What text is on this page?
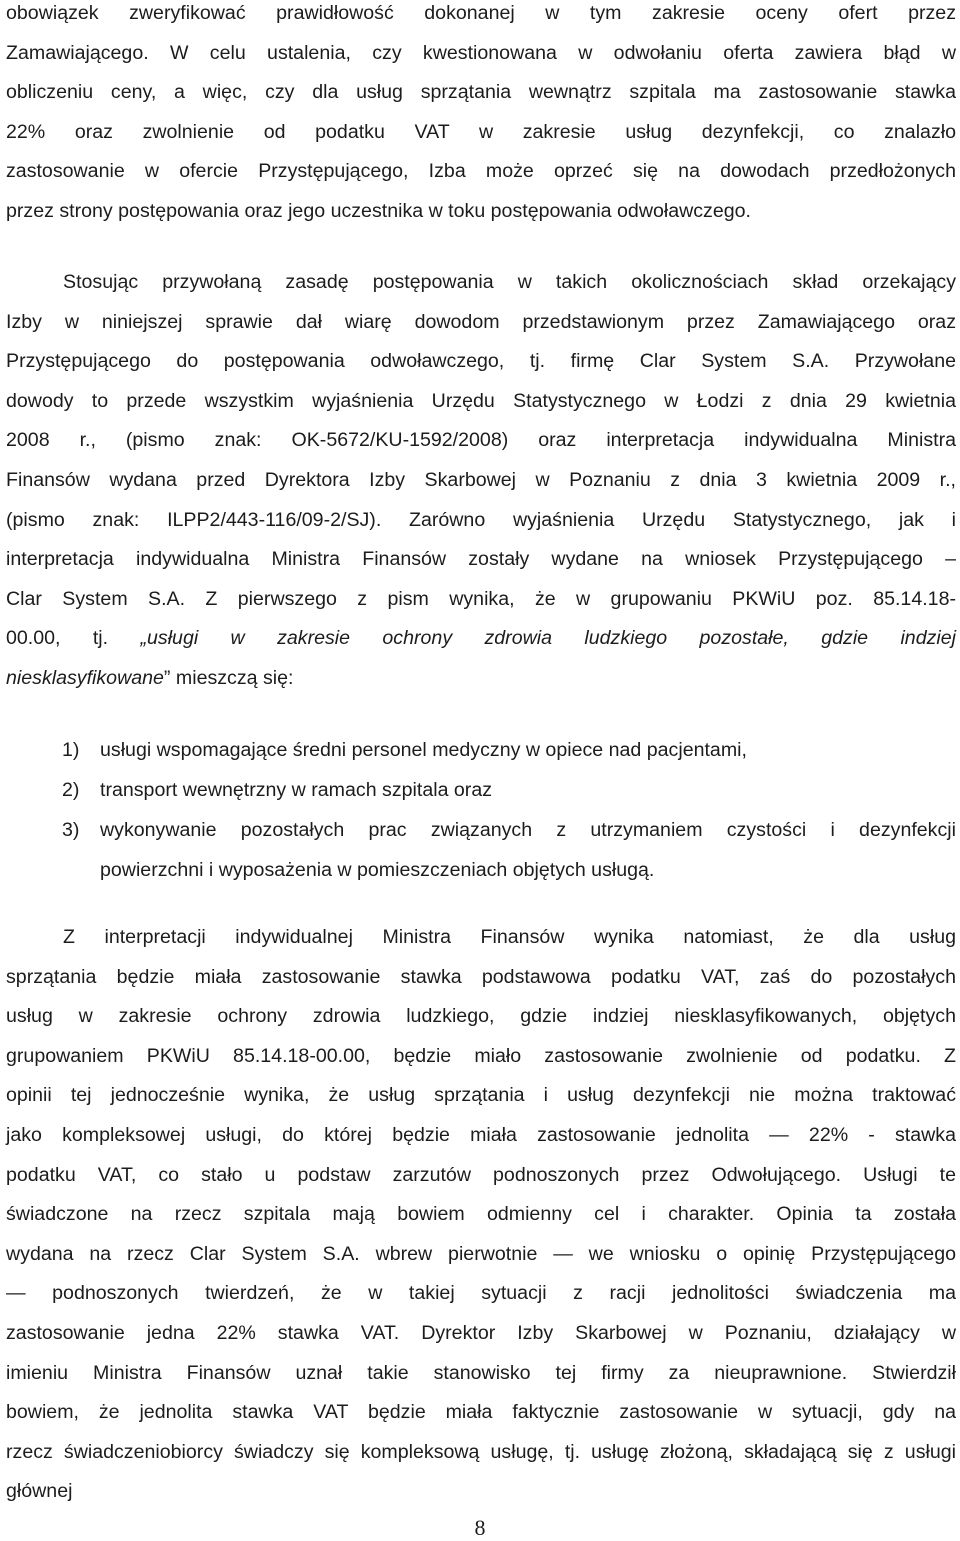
obowiązek zweryfikować prawidłowość dokonanej w tym zakresie oceny ofert przez
Zamawiającego. W celu ustalenia, czy kwestionowana w odwołaniu oferta zawiera błąd w
obliczeniu ceny, a więc, czy dla usług sprzątania wewnątrz szpitala ma zastosowanie stawka
22% oraz zwolnienie od podatku VAT w zakresie usług dezynfekcji, co znalazło
zastosowanie w ofercie Przystępującego, Izba może oprzeć się na dowodach przedłożonych
przez strony postępowania oraz jego uczestnika w toku postępowania odwoławczego.
Stosując przywołaną zasadę postępowania w takich okolicznościach skład orzekający
Izby w niniejszej sprawie dał wiarę dowodom przedstawionym przez Zamawiającego oraz
Przystępującego do postępowania odwoławczego, tj. firmę Clar System S.A. Przywołane
dowody to przede wszystkim wyjaśnienia Urzędu Statystycznego w Łodzi z dnia 29 kwietnia
2008 r., (pismo znak: OK-5672/KU-1592/2008) oraz interpretacja indywidualna Ministra
Finansów wydana przed Dyrektora Izby Skarbowej w Poznaniu z dnia 3 kwietnia 2009 r.,
(pismo znak: ILPP2/443-116/09-2/SJ). Zarówno wyjaśnienia Urzędu Statystycznego, jak i
interpretacja indywidualna Ministra Finansów zostały wydane na wniosek Przystępującego –
Clar System S.A. Z pierwszego z pism wynika, że w grupowaniu PKWiU poz. 85.14.18-
00.00, tj. „usługi w zakresie ochrony zdrowia ludzkiego pozostałe, gdzie indziej
niesklasyfikowane” mieszczą się:
1) usługi wspomagające średni personel medyczny w opiece nad pacjentami,
2) transport wewnętrzny w ramach szpitala oraz
3) wykonywanie pozostałych prac związanych z utrzymaniem czystości i dezynfekcji
powierzchni i wyposażenia w pomieszczeniach objętych usługą.
Z interpretacji indywidualnej Ministra Finansów wynika natomiast, że dla usług
sprzątania będzie miała zastosowanie stawka podstawowa podatku VAT, zaś do pozostałych
usług w zakresie ochrony zdrowia ludzkiego, gdzie indziej niesklasyfikowanych, objętych
grupowaniem PKWiU 85.14.18-00.00, będzie miało zastosowanie zwolnienie od podatku. Z
opinii tej jednocześnie wynika, że usług sprzątania i usług dezynfekcji nie można traktować
jako kompleksowej usługi, do której będzie miała zastosowanie jednolita — 22% - stawka
podatku VAT, co stało u podstaw zarzutów podnoszonych przez Odwołującego. Usługi te
świadczone na rzecz szpitala mają bowiem odmienny cel i charakter. Opinia ta została
wydana na rzecz Clar System S.A. wbrew pierwotnie — we wniosku o opinię Przystępującego
— podnoszonych twierdzeń, że w takiej sytuacji z racji jednolitości świadczenia ma
zastosowanie jedna 22% stawka VAT. Dyrektor Izby Skarbowej w Poznaniu, działający w
imieniu Ministra Finansów uznał takie stanowisko tej firmy za nieuprawnione. Stwierdził
bowiem, że jednolita stawka VAT będzie miała faktycznie zastosowanie w sytuacji, gdy na
rzecz świadczeniobiorcy świadczy się kompleksową usługę, tj. usługę złożoną, składającą się z usługi głównej
8
